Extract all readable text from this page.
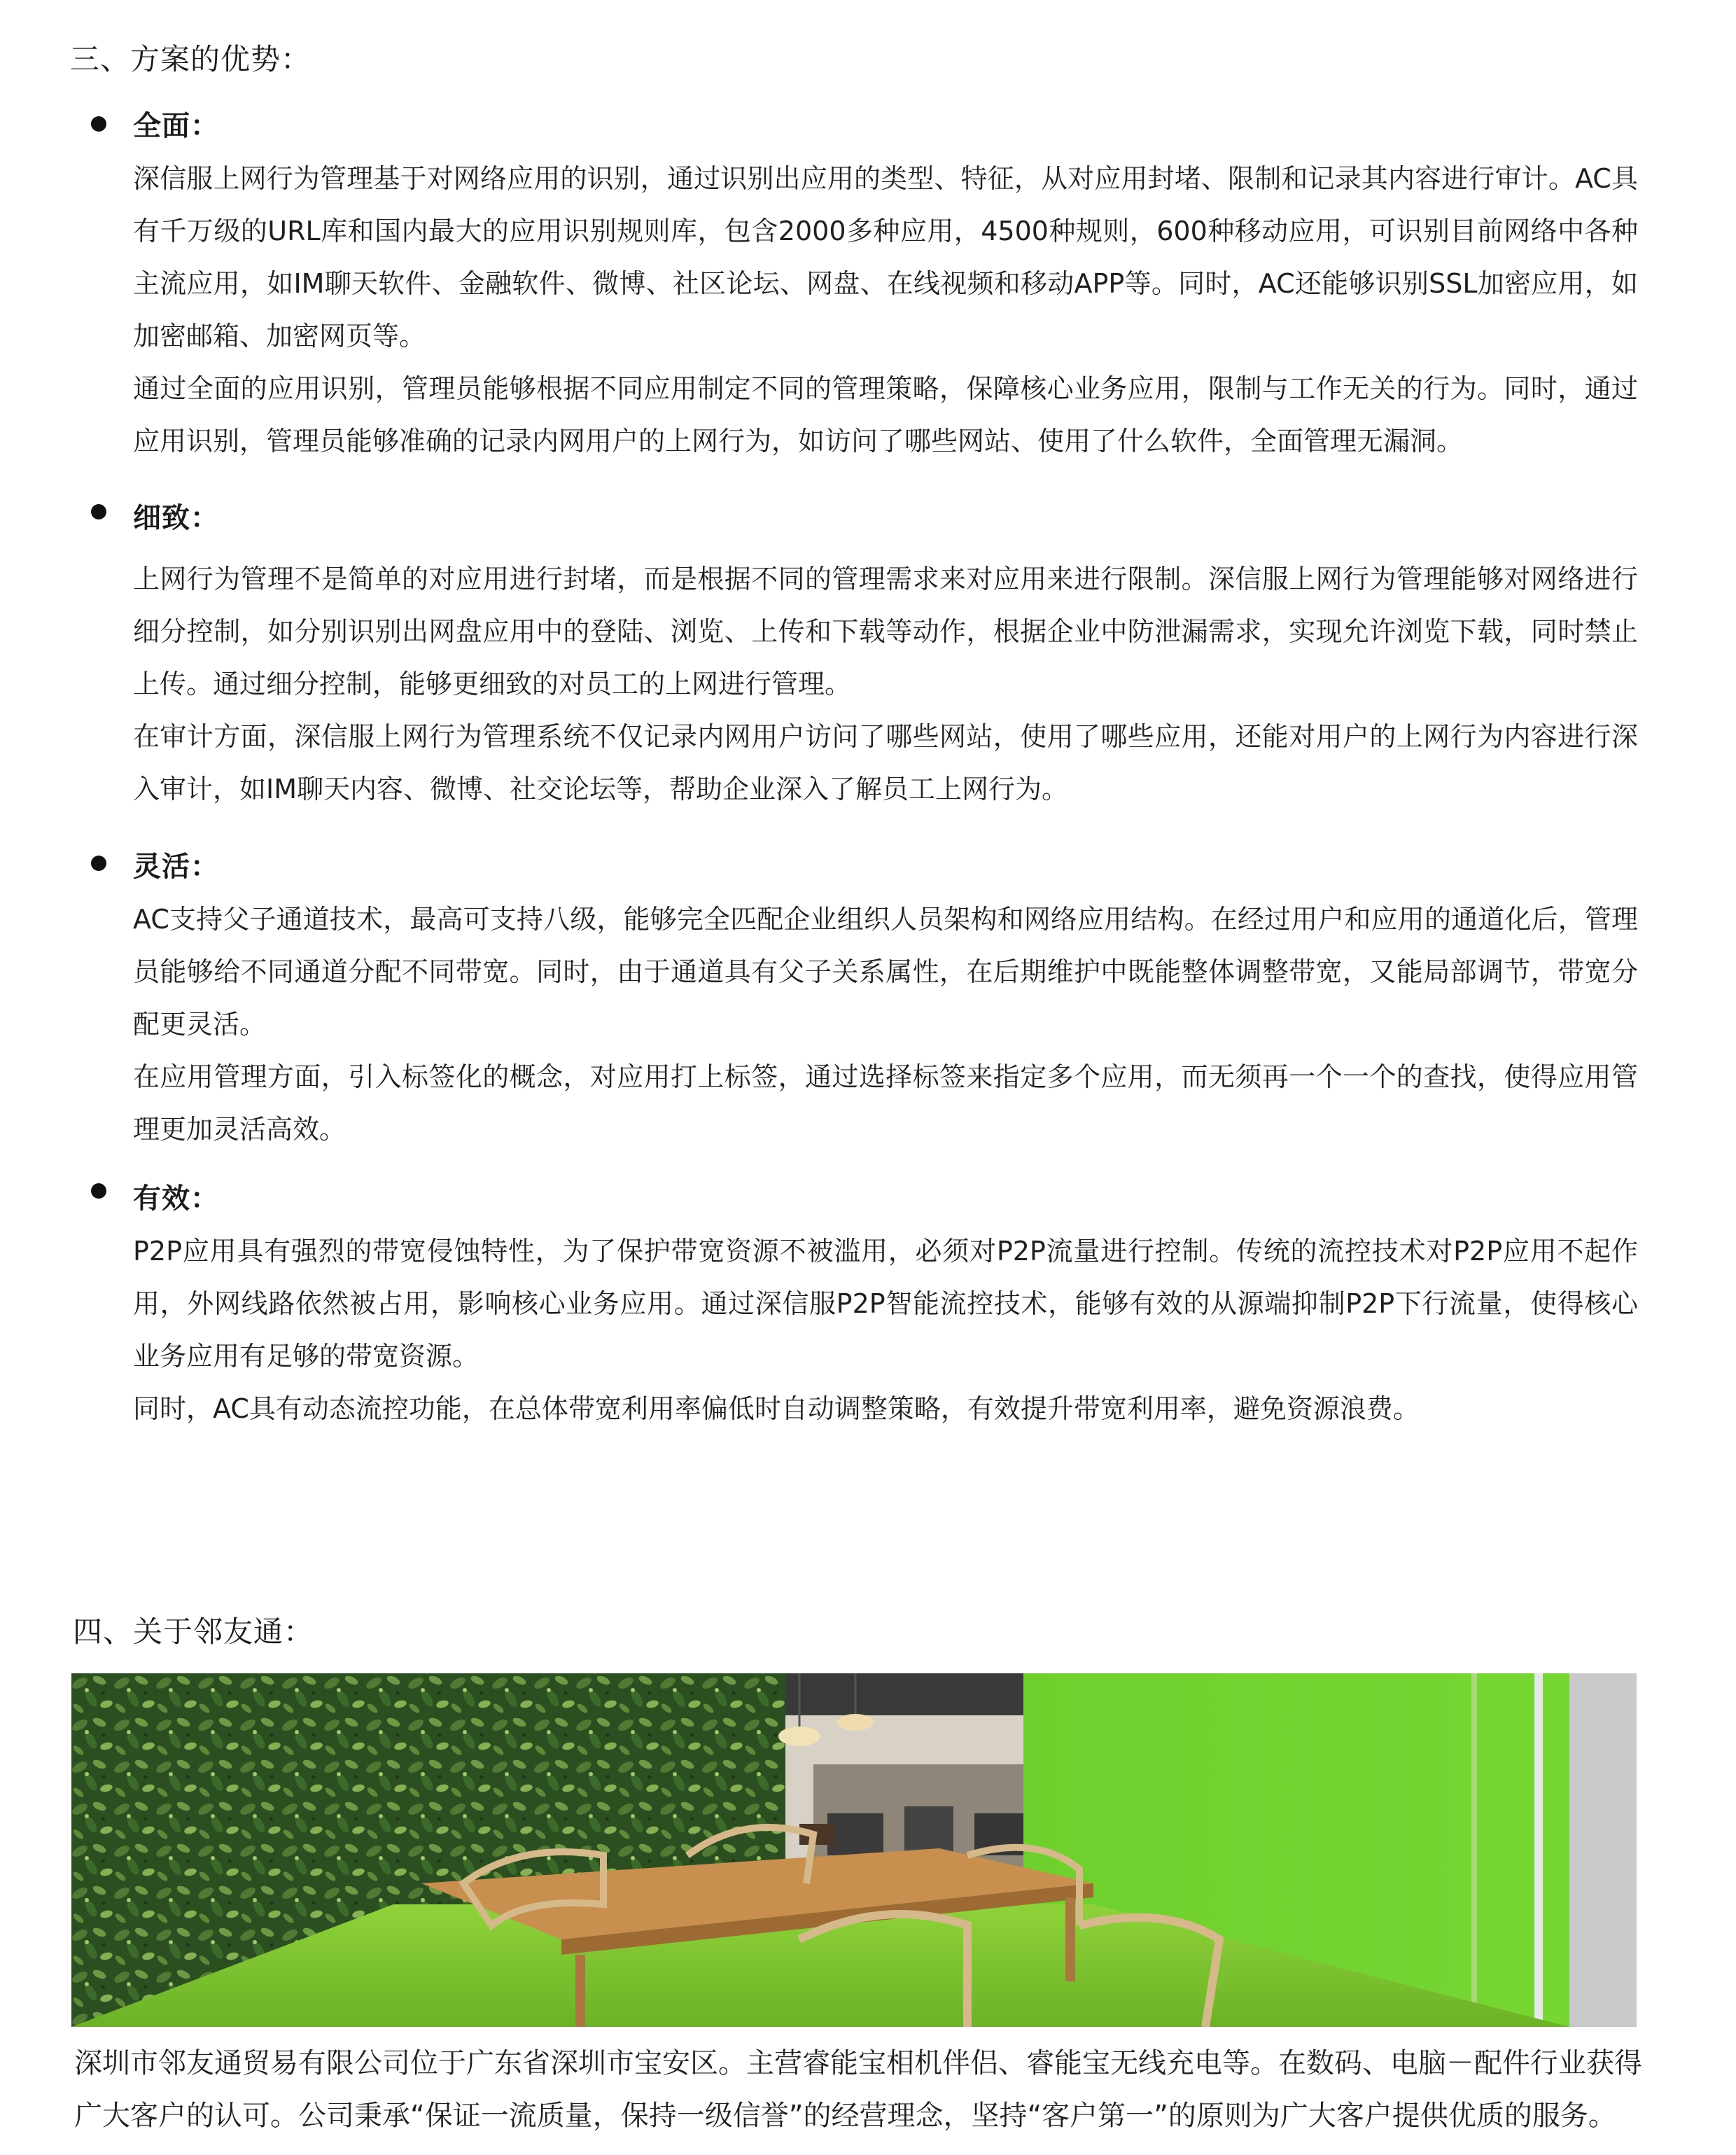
三、方案的优势：
全面：

深信服上网行为管理基于对网络应用的识别，通过识别出应用的类型、特征，从对应用封堵、限制和记录其内容进行审计。AC具有千万级的URL库和国内最大的应用识别规则库，包含2000多种应用，4500种规则，600种移动应用，可识别目前网络中各种主流应用，如IM聊天软件、金融软件、微博、社区论坛、网盘、在线视频和移动APP等。同时，AC还能够识别SSL加密应用，如加密邮箱、加密网页等。

通过全面的应用识别，管理员能够根据不同应用制定不同的管理策略，保障核心业务应用，限制与工作无关的行为。同时，通过应用识别，管理员能够准确的记录内网用户的上网行为，如访问了哪些网站、使用了什么软件，全面管理无漏洞。

细致：

上网行为管理不是简单的对应用进行封堵，而是根据不同的管理需求来对应用来进行限制。深信服上网行为管理能够对网络进行细分控制，如分别识别出网盘应用中的登陆、浏览、上传和下载等动作，根据企业中防泄漏需求，实现允许浏览下载，同时禁止上传。通过细分控制，能够更细致的对员工的上网进行管理。

在审计方面，深信服上网行为管理系统不仅记录内网用户访问了哪些网站，使用了哪些应用，还能对用户的上网行为内容进行深入审计，如IM聊天内容、微博、社交论坛等，帮助企业深入了解员工上网行为。

灵活：

AC支持父子通道技术，最高可支持八级，能够完全匹配企业组织人员架构和网络应用结构。在经过用户和应用的通道化后，管理员能够给不同通道分配不同带宽。同时，由于通道具有父子关系属性，在后期维护中既能整体调整带宽，又能局部调节，带宽分配更灵活。

在应用管理方面，引入标签化的概念，对应用打上标签，通过选择标签来指定多个应用，而无须再一个一个的查找，使得应用管理更加灵活高效。

有效：

P2P应用具有强烈的带宽侵蚀特性，为了保护带宽资源不被滥用，必须对P2P流量进行控制。传统的流控技术对P2P应用不起作用，外网线路依然被占用，影响核心业务应用。通过深信服P2P智能流控技术，能够有效的从源端抑制P2P下行流量，使得核心业务应用有足够的带宽资源。

同时，AC具有动态流控功能，在总体带宽利用率偏低时自动调整策略，有效提升带宽利用率，避免资源浪费。

四、关于邻友通：
深圳市邻友通贸易有限公司位于广东省深圳市宝安区。主营睿能宝相机伴侣、睿能宝无线充电等。在数码、电脑－配件行业获得广大客户的认可。公司秉承“保证一流质量，保持一级信誉”的经营理念，坚持“客户第一”的原则为广大客户提供优质的服务。
